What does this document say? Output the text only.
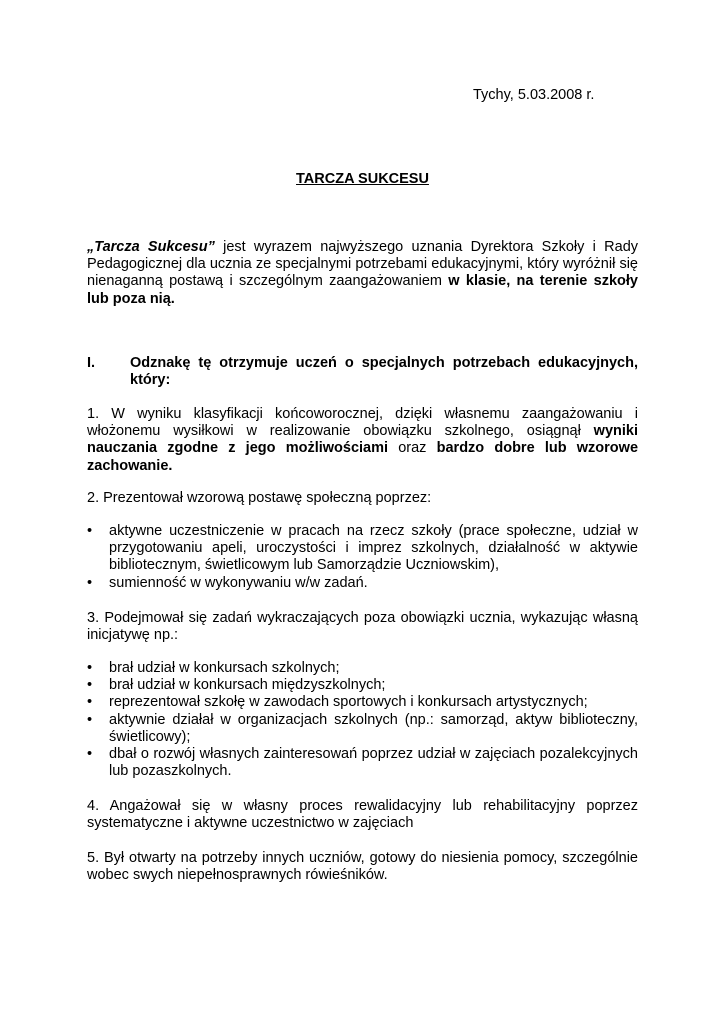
Tychy, 5.03.2008 r.
TARCZA SUKCESU
„Tarcza Sukcesu” jest wyrazem najwyższego uznania Dyrektora Szkoły i Rady Pedagogicznej dla ucznia ze specjalnymi potrzebami edukacyjnymi, który wyróżnił się nienaganną postawą i szczególnym zaangażowaniem w klasie, na terenie szkoły lub poza nią.
I.	Odznakę tę otrzymuje uczeń o specjalnych potrzebach edukacyjnych, który:
1. W wyniku klasyfikacji końcoworocznej, dzięki własnemu zaangażowaniu i włożonemu wysiłkowi w realizowanie obowiązku szkolnego, osiągnął wyniki nauczania zgodne z jego możliwościami oraz bardzo dobre lub wzorowe zachowanie.
2. Prezentował wzorową postawę społeczną poprzez:
• aktywne uczestniczenie w pracach na rzecz szkoły (prace społeczne, udział w przygotowaniu apeli, uroczystości i imprez szkolnych, działalność w aktywie bibliotecznym, świetlicowym lub Samorządzie Uczniowskim),
• sumienność w wykonywaniu w/w zadań.
3. Podejmował się zadań wykraczających poza obowiązki ucznia, wykazując własną inicjatywę np.:
• brał udział w konkursach szkolnych;
• brał udział w konkursach międzyszkolnych;
• reprezentował szkołę w zawodach sportowych i konkursach artystycznych;
• aktywnie działał w organizacjach szkolnych (np.: samorząd, aktyw biblioteczny, świetlicowy);
• dbał o rozwój własnych zainteresowań poprzez udział w zajęciach pozalekcyjnych lub pozaszkolnych.
4. Angażował się w własny proces rewalidacyjny lub rehabilitacyjny poprzez systematyczne i aktywne uczestnictwo w zajęciach
5. Był otwarty na potrzeby innych uczniów, gotowy do niesienia pomocy, szczególnie wobec swych niepełnosprawnych rówieśników.
